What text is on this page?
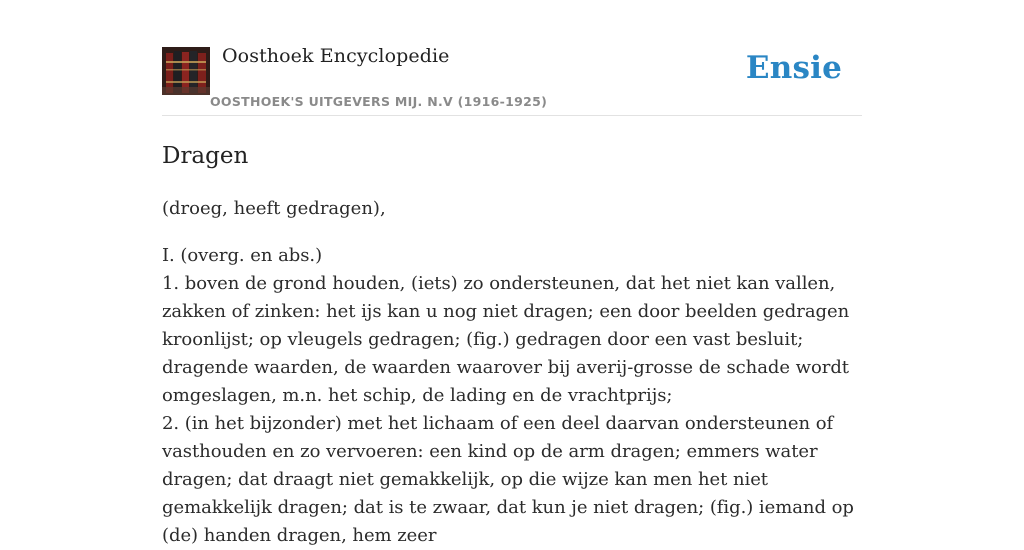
Oosthoek Encyclopedie
OOSTHOEK'S UITGEVERS MIJ. N.V (1916-1925)
Ensie
Dragen

(droeg, heeft gedragen),

I. (overg. en abs.)
1. boven de grond houden, (iets) zo ondersteunen, dat het niet kan vallen, zakken of zinken: het ijs kan u nog niet dragen; een door beelden gedragen kroonlijst; op vleugels gedragen; (fig.) gedragen door een vast besluit; dragende waarden, de waarden waarover bij averij-grosse de schade wordt omgeslagen, m.n. het schip, de lading en de vrachtprijs;
2. (in het bijzonder) met het lichaam of een deel daarvan ondersteunen of vasthouden en zo vervoeren: een kind op de arm dragen; emmers water dragen; dat draagt niet gemakkelijk, op die wijze kan men het niet gemakkelijk dragen; dat is te zwaar, dat kun je niet dragen; (fig.) iemand op (de) handen dragen, hem zeer
